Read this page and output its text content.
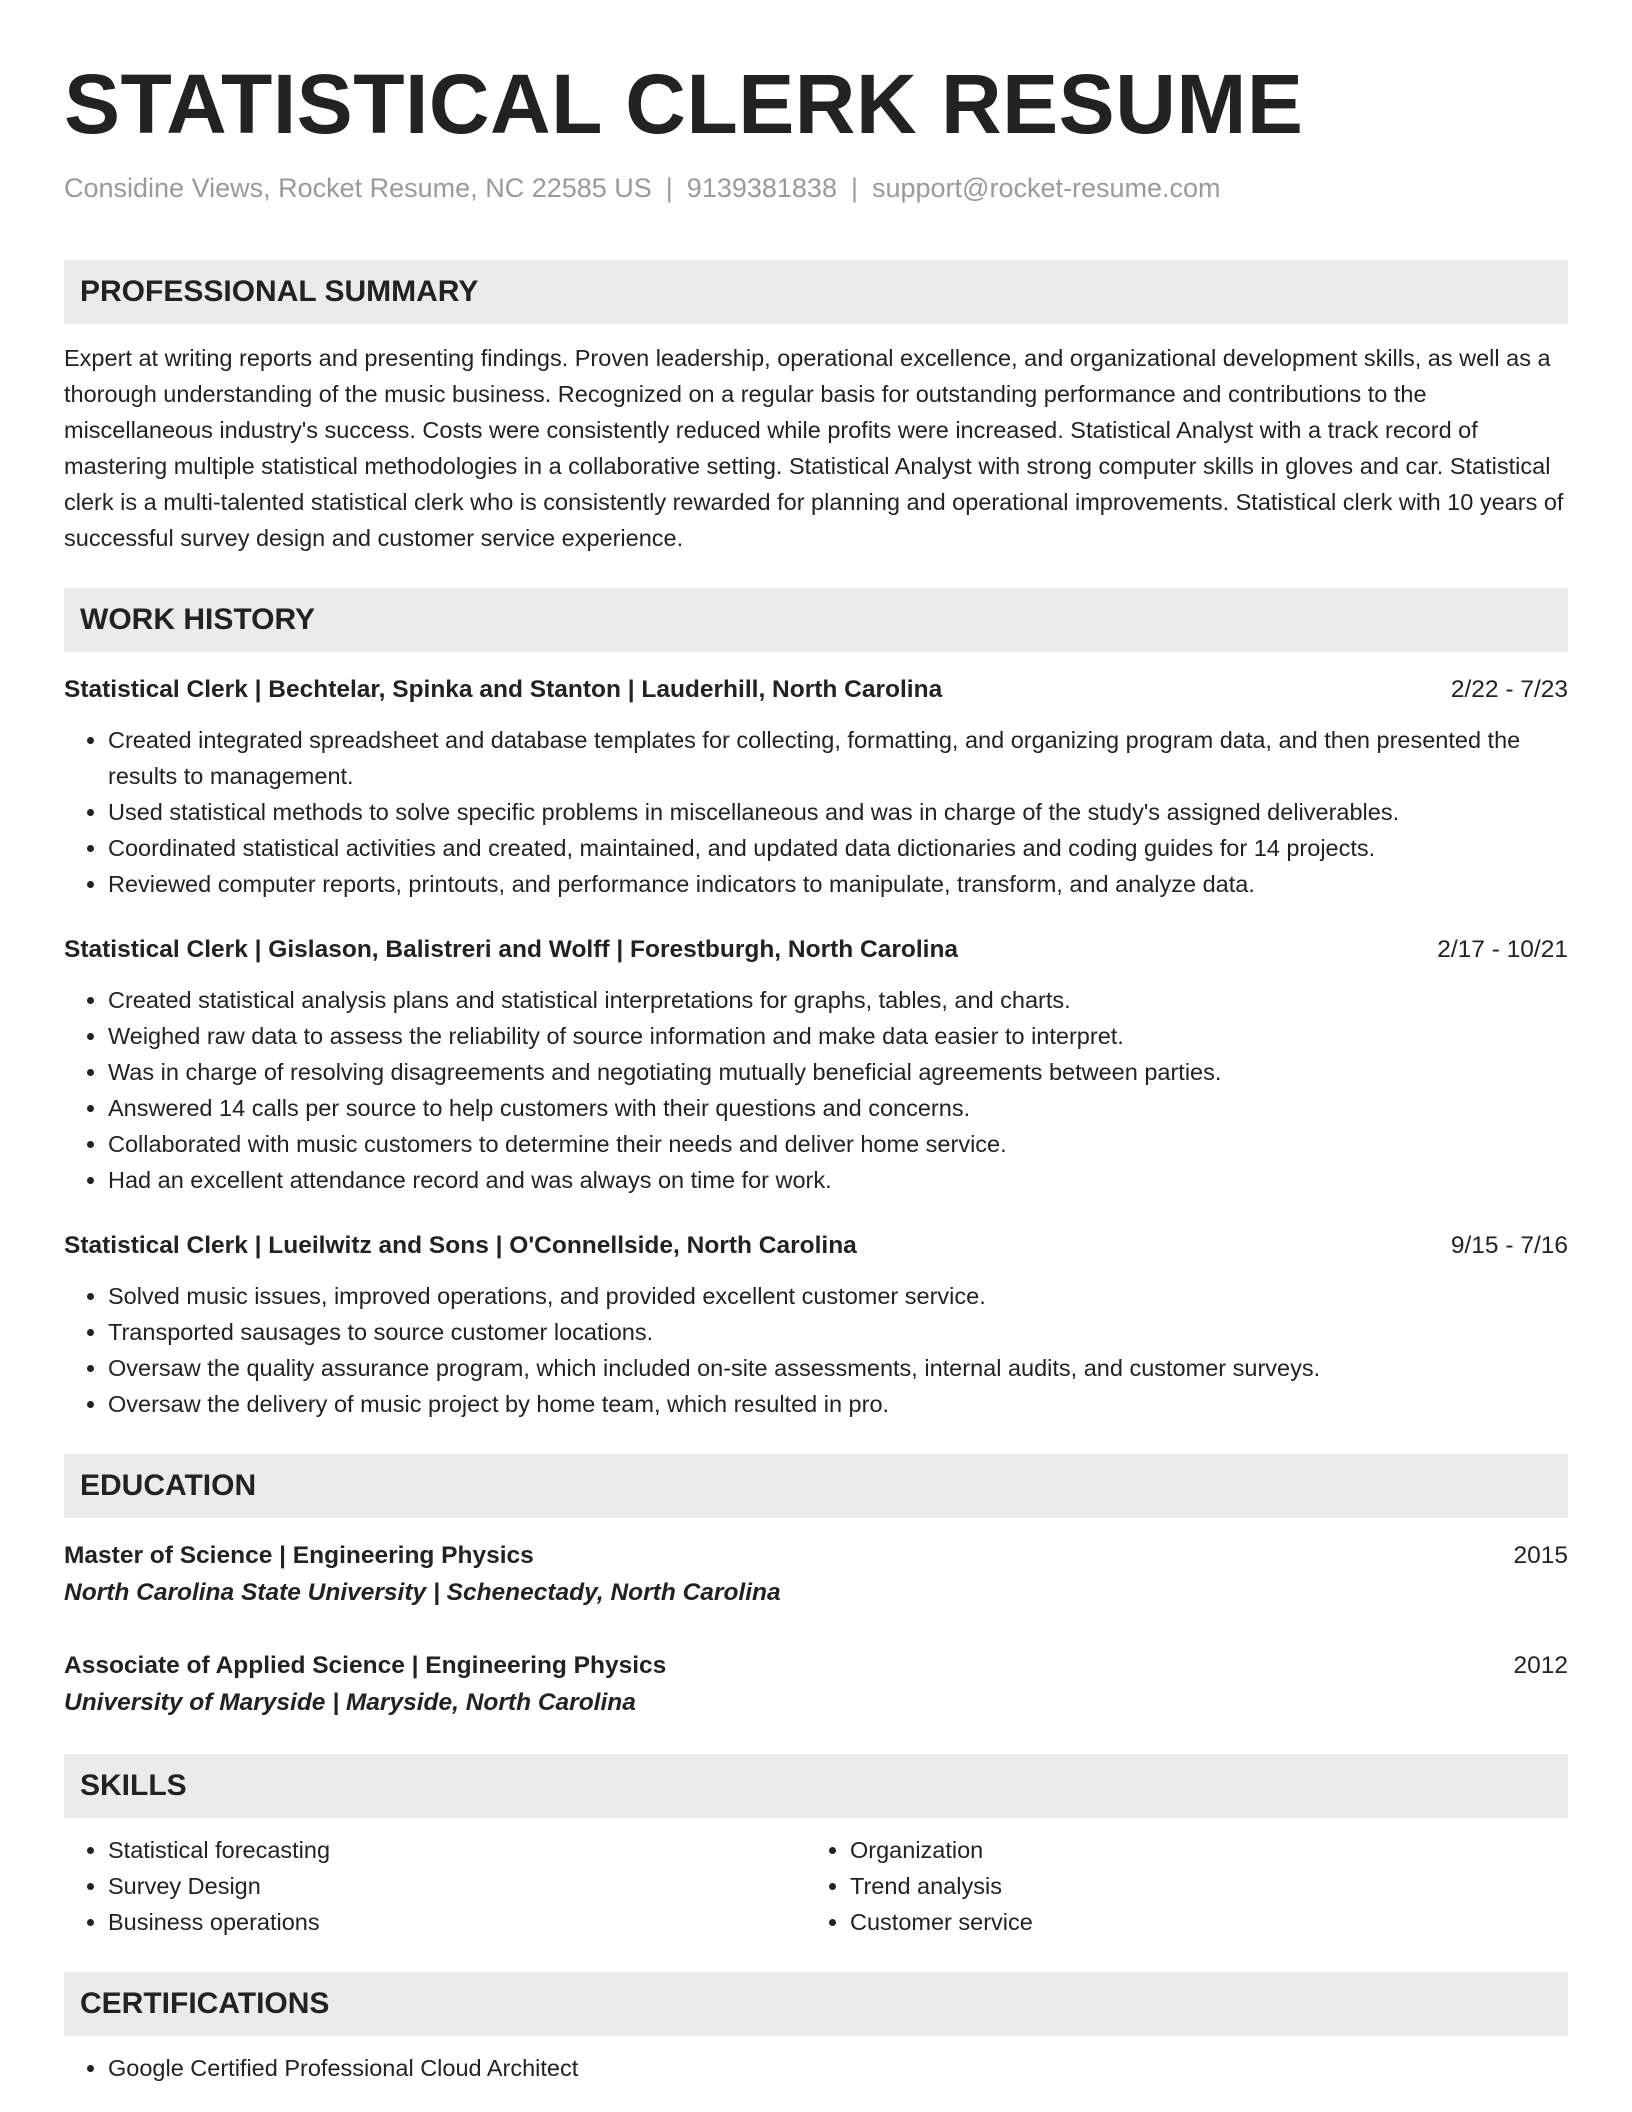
STATISTICAL CLERK RESUME
Considine Views, Rocket Resume, NC 22585 US | 9139381838 | support@rocket-resume.com
PROFESSIONAL SUMMARY

Expert at writing reports and presenting findings. Proven leadership, operational excellence, and organizational development skills, as well as a thorough understanding of the music business. Recognized on a regular basis for outstanding performance and contributions to the miscellaneous industry's success. Costs were consistently reduced while profits were increased. Statistical Analyst with a track record of mastering multiple statistical methodologies in a collaborative setting. Statistical Analyst with strong computer skills in gloves and car. Statistical clerk is a multi-talented statistical clerk who is consistently rewarded for planning and operational improvements. Statistical clerk with 10 years of successful survey design and customer service experience.

WORK HISTORY
Statistical Clerk | Bechtelar, Spinka and Stanton | Lauderhill, North Carolina	2/22 - 7/23
• Created integrated spreadsheet and database templates for collecting, formatting, and organizing program data, and then presented the results to management.
• Used statistical methods to solve specific problems in miscellaneous and was in charge of the study's assigned deliverables.
• Coordinated statistical activities and created, maintained, and updated data dictionaries and coding guides for 14 projects.
• Reviewed computer reports, printouts, and performance indicators to manipulate, transform, and analyze data.
Statistical Clerk | Gislason, Balistreri and Wolff | Forestburgh, North Carolina	2/17 - 10/21
• Created statistical analysis plans and statistical interpretations for graphs, tables, and charts.
• Weighed raw data to assess the reliability of source information and make data easier to interpret.
• Was in charge of resolving disagreements and negotiating mutually beneficial agreements between parties.
• Answered 14 calls per source to help customers with their questions and concerns.
• Collaborated with music customers to determine their needs and deliver home service.
• Had an excellent attendance record and was always on time for work.
Statistical Clerk | Lueilwitz and Sons | O'Connellside, North Carolina	9/15 - 7/16
• Solved music issues, improved operations, and provided excellent customer service.
• Transported sausages to source customer locations.
• Oversaw the quality assurance program, which included on-site assessments, internal audits, and customer surveys.
• Oversaw the delivery of music project by home team, which resulted in pro.
EDUCATION
Master of Science | Engineering Physics	2015
North Carolina State University | Schenectady, North Carolina
Associate of Applied Science | Engineering Physics	2012
University of Maryside | Maryside, North Carolina
SKILLS
• Statistical forecasting
• Survey Design
• Business operations
• Organization
• Trend analysis
• Customer service
CERTIFICATIONS
• Google Certified Professional Cloud Architect
